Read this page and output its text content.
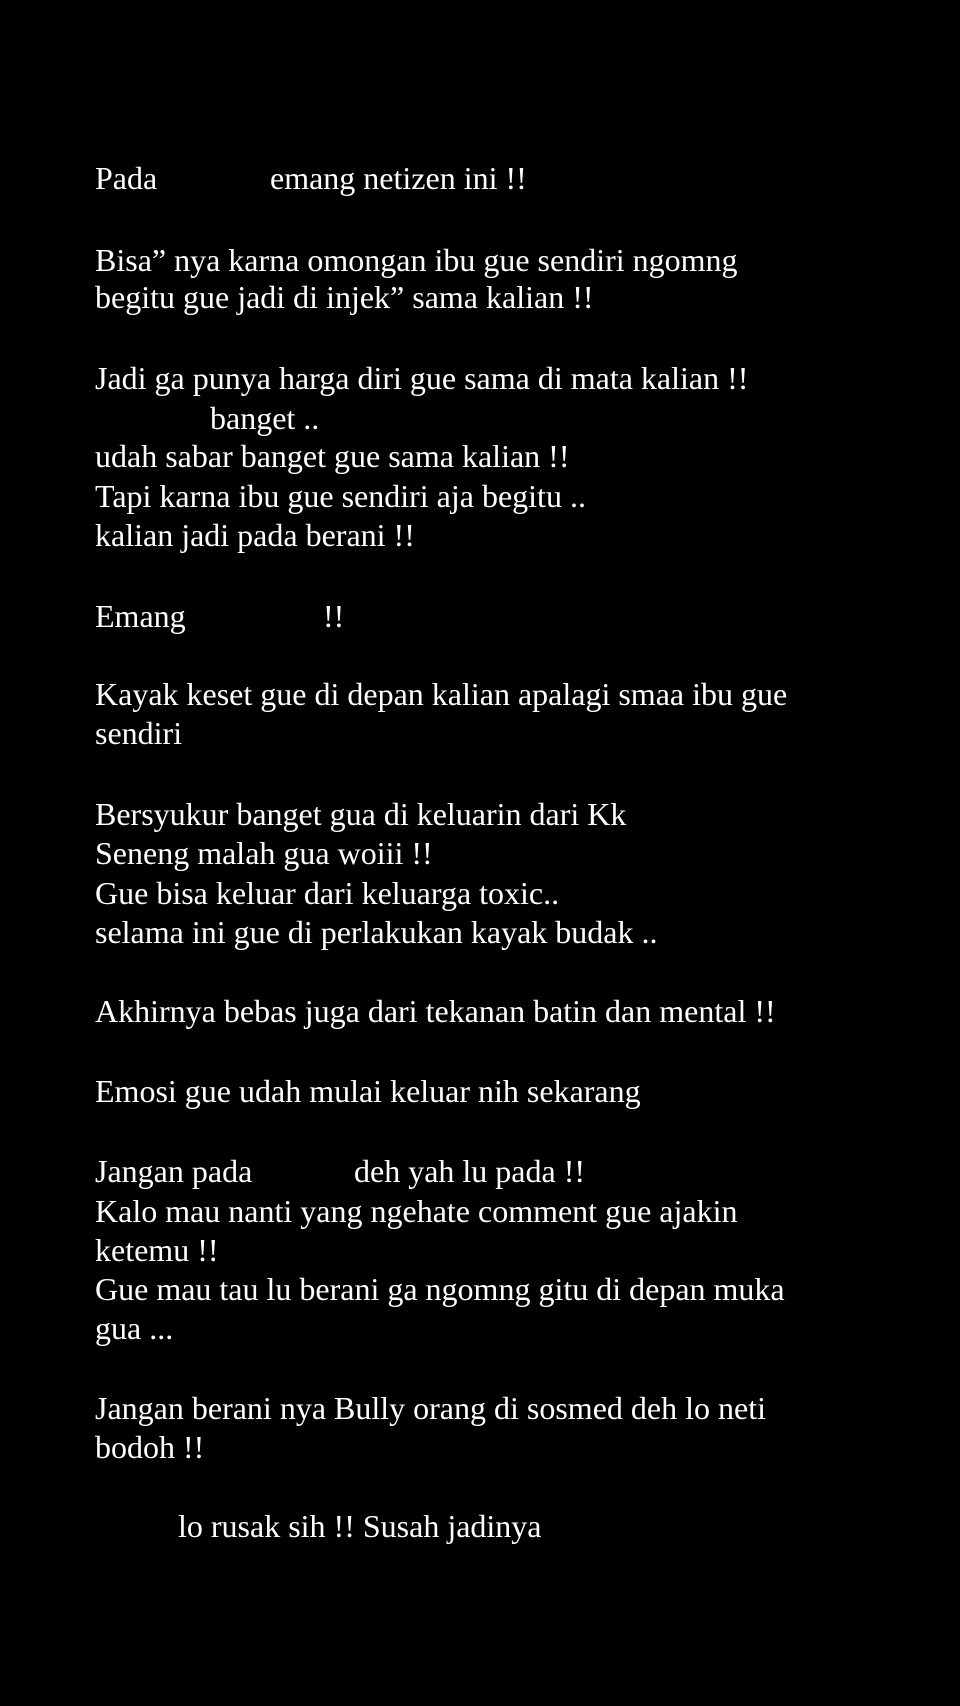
Pada	emang netizen ini !!
Bisa” nya karna omongan ibu gue sendiri ngomng
begitu gue jadi di injek” sama kalian !!
Jadi ga punya harga diri gue sama di mata kalian !!
banget ..
udah sabar banget gue sama kalian !!
Tapi karna ibu gue sendiri aja begitu ..
kalian jadi pada berani !!
Emang	!!
Kayak keset gue di depan kalian apalagi smaa ibu gue
sendiri
Bersyukur banget gua di keluarin dari Kk
Seneng malah gua woiii !!
Gue bisa keluar dari keluarga toxic..
selama ini gue di perlakukan kayak budak ..
Akhirnya bebas juga dari tekanan batin dan mental !!
Emosi gue udah mulai keluar nih sekarang
Jangan pada	deh yah lu pada !!
Kalo mau nanti yang ngehate comment gue ajakin
ketemu !!
Gue mau tau lu berani ga ngomng gitu di depan muka
gua ...
Jangan berani nya Bully orang di sosmed deh lo neti
bodoh !!
lo rusak sih !! Susah jadinya
